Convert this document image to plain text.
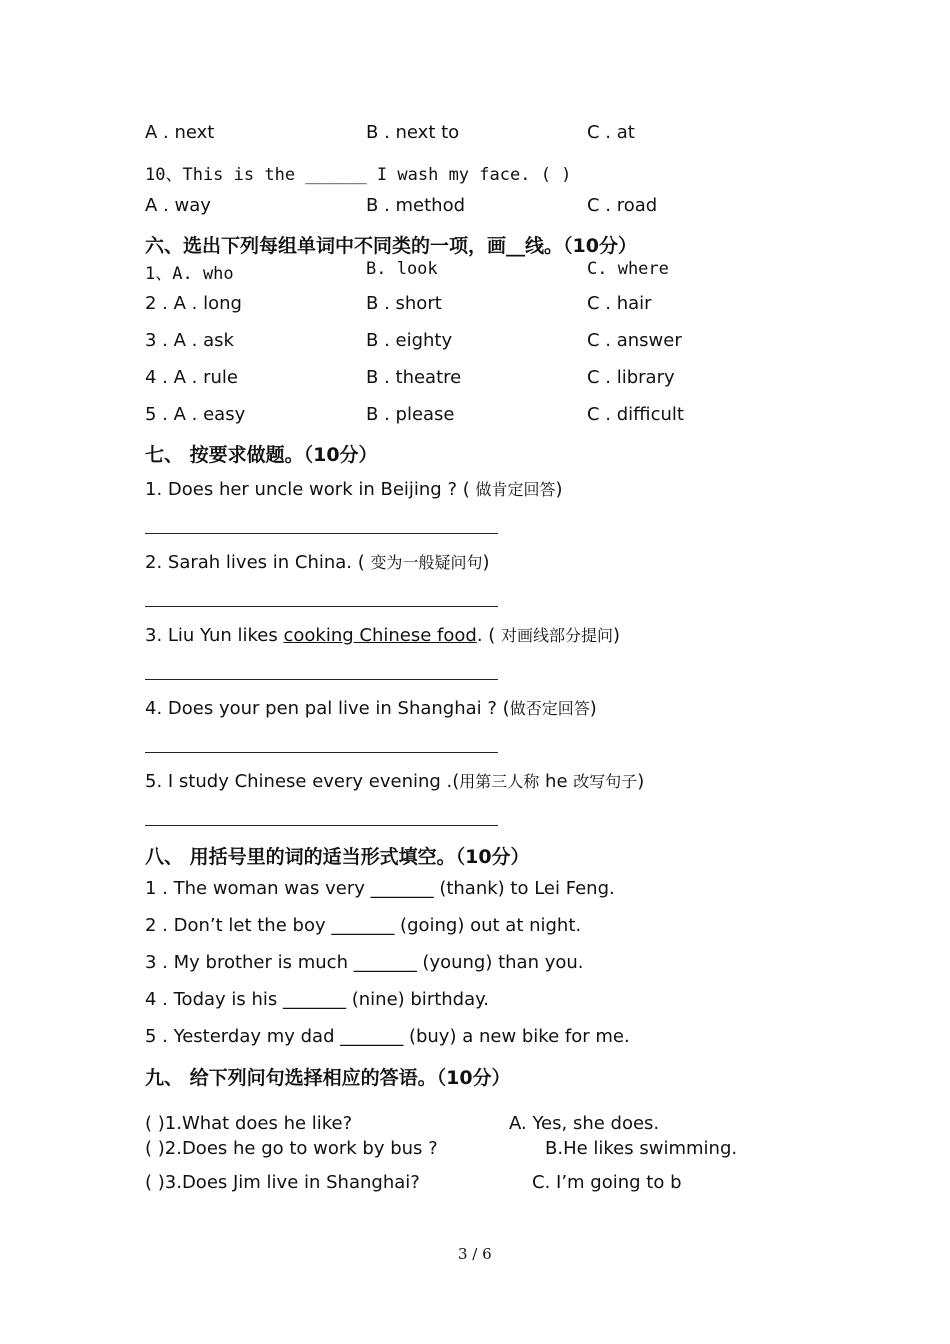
A . next	B . next to	C . at
10、This is the ______ I wash my face. ( )
A . way	B . method	C . road
六、选出下列每组单词中不同类的一项，画__线。（10分）
1、A. who	B. look	C. where
2 . A . long	B . short	C . hair
3 . A . ask	B . eighty	C . answer
4 . A . rule	B . theatre	C . library
5 . A . easy	B . please	C . difficult
七、 按要求做题。（10分）
1. Does her uncle work in Beijing ? ( 做肯定回答)
2. Sarah lives in China. ( 变为一般疑问句)
3. Liu Yun likes cooking Chinese food. ( 对画线部分提问)
4. Does your pen pal live in Shanghai ? (做否定回答)
5. I study Chinese every evening .(用第三人称 he 改写句子)
八、 用括号里的词的适当形式填空。（10分）
1 . The woman was very _______ (thank) to Lei Feng.
2 . Don’t let the boy _______ (going) out at night.
3 . My brother is much _______ (young) than you.
4 . Today is his _______ (nine) birthday.
5 . Yesterday my dad _______ (buy) a new bike for me.
九、 给下列问句选择相应的答语。（10分）
( )1.What does he like?	A. Yes, she does.
( )2.Does he go to work by bus ?	B.He likes swimming.
( )3.Does Jim live in Shanghai?	C. I’m going to b
3 / 6
